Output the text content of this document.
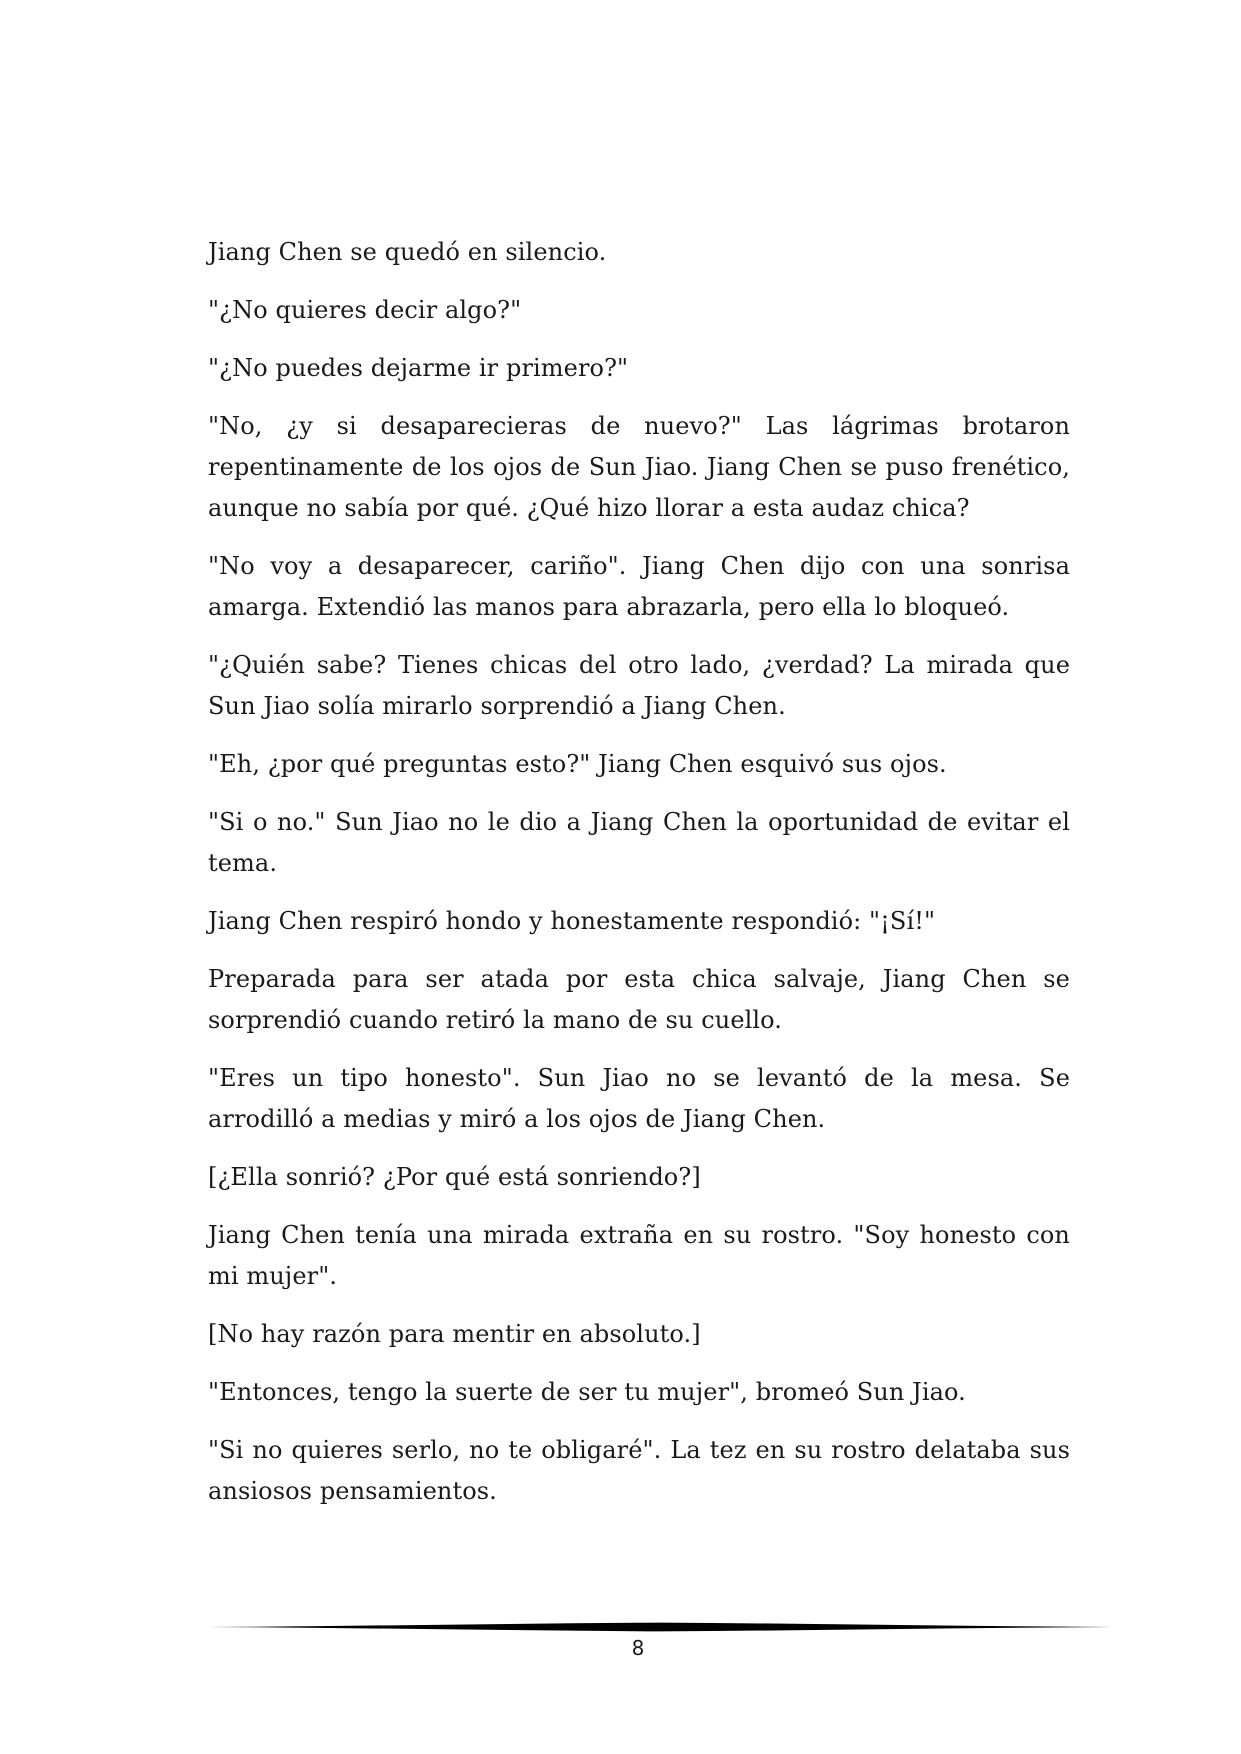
Jiang Chen se quedó en silencio.

"¿No quieres decir algo?"

"¿No puedes dejarme ir primero?"

"No, ¿y si desaparecieras de nuevo?" Las lágrimas brotaron repentinamente de los ojos de Sun Jiao. Jiang Chen se puso frenético, aunque no sabía por qué. ¿Qué hizo llorar a esta audaz chica?

"No voy a desaparecer, cariño". Jiang Chen dijo con una sonrisa amarga. Extendió las manos para abrazarla, pero ella lo bloqueó.

"¿Quién sabe? Tienes chicas del otro lado, ¿verdad? La mirada que Sun Jiao solía mirarlo sorprendió a Jiang Chen.

"Eh, ¿por qué preguntas esto?" Jiang Chen esquivó sus ojos.

"Si o no." Sun Jiao no le dio a Jiang Chen la oportunidad de evitar el tema.

Jiang Chen respiró hondo y honestamente respondió: "¡Sí!"

Preparada para ser atada por esta chica salvaje, Jiang Chen se sorprendió cuando retiró la mano de su cuello.

"Eres un tipo honesto". Sun Jiao no se levantó de la mesa. Se arrodilló a medias y miró a los ojos de Jiang Chen.

[¿Ella sonrió? ¿Por qué está sonriendo?]

Jiang Chen tenía una mirada extraña en su rostro. "Soy honesto con mi mujer".

[No hay razón para mentir en absoluto.]

"Entonces, tengo la suerte de ser tu mujer", bromeó Sun Jiao.

"Si no quieres serlo, no te obligaré". La tez en su rostro delataba sus ansiosos pensamientos.

8
